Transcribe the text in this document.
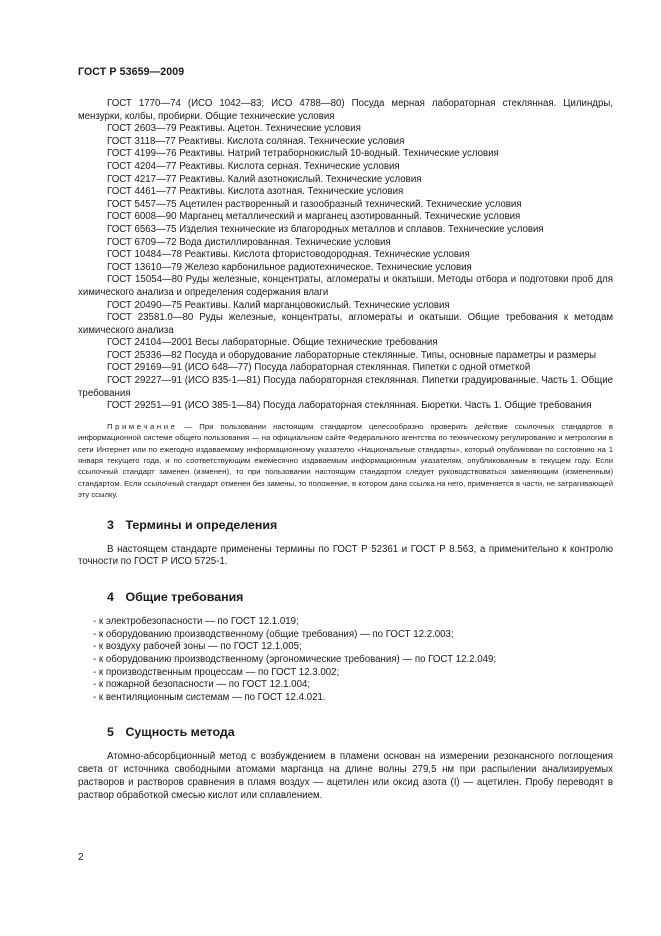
ГОСТ Р 53659—2009

ГОСТ 1770—74 (ИСО 1042—83; ИСО 4788—80) Посуда мерная лабораторная стеклянная. Цилиндры, мензурки, колбы, пробирки. Общие технические условия

ГОСТ 2603—79 Реактивы. Ацетон. Технические условия

ГОСТ 3118—77 Реактивы. Кислота соляная. Технические условия

ГОСТ 4199—76 Реактивы. Натрий тетраборнокислый 10-водный. Технические условия

ГОСТ 4204—77 Реактивы. Кислота серная. Технические условия

ГОСТ 4217—77 Реактивы. Калий азотнокислый. Технические условия

ГОСТ 4461—77 Реактивы. Кислота азотная. Технические условия

ГОСТ 5457—75 Ацетилен растворенный и газообразный технический. Технические условия

ГОСТ 6008—90 Марганец металлический и марганец азотированный. Технические условия

ГОСТ 6563—75 Изделия технические из благородных металлов и сплавов. Технические условия

ГОСТ 6709—72 Вода дистиллированная. Технические условия

ГОСТ 10484—78 Реактивы. Кислота фтористоводородная. Технические условия

ГОСТ 13610—79 Железо карбонильное радиотехническое. Технические условия

ГОСТ 15054—80 Руды железные, концентраты, агломераты и окатыши. Методы отбора и подготовки проб для химического анализа и определения содержания влаги

ГОСТ 20490—75 Реактивы. Калий марганцовокислый. Технические условия

ГОСТ 23581.0—80 Руды железные, концентраты, агломераты и окатыши. Общие требования к методам химического анализа

ГОСТ 24104—2001 Весы лабораторные. Общие технические требования

ГОСТ 25336—82 Посуда и оборудование лабораторные стеклянные. Типы, основные параметры и размеры

ГОСТ 29169—91 (ИСО 648—77) Посуда лабораторная стеклянная. Пипетки с одной отметкой

ГОСТ 29227—91 (ИСО 835-1—81) Посуда лабораторная стеклянная. Пипетки градуированные. Часть 1. Общие требования

ГОСТ 29251—91 (ИСО 385-1—84) Посуда лабораторная стеклянная. Бюретки. Часть 1. Общие требования

Примечание — При пользовании настоящим стандартом целесообразно проверить действие ссылочных стандартов в информационной системе общего пользования — на официальном сайте Федерального агентства по техническому регулированию и метрологии в сети Интернет или по ежегодно издаваемому информационному указателю «Национальные стандарты», который опубликован по состоянию на 1 января текущего года, и по соответствующим ежемесячно издаваемым информационным указателям, опубликованным в текущем году. Если ссылочный стандарт заменен (изменен), то при пользовании настоящим стандартом следует руководствоваться заменяющим (измененным) стандартом. Если ссылочный стандарт отменен без замены, то положение, в котором дана ссылка на него, применяется в части, не затрагивающей эту ссылку.
3 Термины и определения

В настоящем стандарте применены термины по ГОСТ Р 52361 и ГОСТ Р 8.563, а применительно к контролю точности по ГОСТ Р ИСО 5725-1.

4 Общие требования
- к электробезопасности — по ГОСТ 12.1.019;
- к оборудованию производственному (общие требования) — по ГОСТ 12.2.003;
- к воздуху рабочей зоны — по ГОСТ 12.1.005;
- к оборудованию производственному (эргономические требования) — по ГОСТ 12.2.049;
- к производственным процессам — по ГОСТ 12.3.002;
- к пожарной безопасности — по ГОСТ 12.1.004;
- к вентиляционным системам — по ГОСТ 12.4.021.
5 Сущность метода

Атомно-абсорбционный метод с возбуждением в пламени основан на измерении резонансного поглощения света от источника свободными атомами марганца на длине волны 279,5 нм при распылении анализируемых растворов и растворов сравнения в пламя воздух — ацетилен или оксид азота (I) — ацетилен. Пробу переводят в раствор обработкой смесью кислот или сплавлением.

2
